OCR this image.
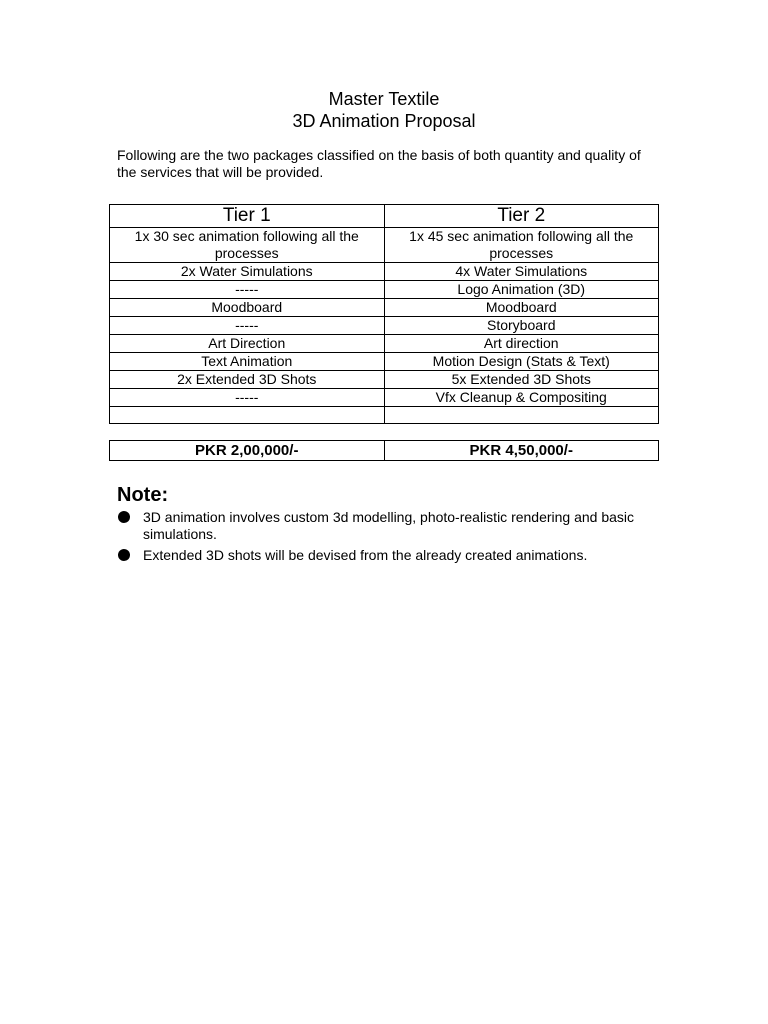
Master Textile
3D Animation Proposal
Following are the two packages classified on the basis of both quantity and quality of the services that will be provided.
Tier 1	Tier 2
1x 30 sec animation following all the processes	1x 45 sec animation following all the processes
2x Water Simulations	4x Water Simulations
-----	Logo Animation (3D)
Moodboard	Moodboard
-----	Storyboard
Art Direction	Art direction
Text Animation	Motion Design (Stats & Text)
2x Extended 3D Shots	5x Extended 3D Shots
-----	Vfx Cleanup & Compositing

PKR 2,00,000/-	PKR 4,50,000/-
Note:
3D animation involves custom 3d modelling, photo-realistic rendering and basic simulations.
Extended 3D shots will be devised from the already created animations.
